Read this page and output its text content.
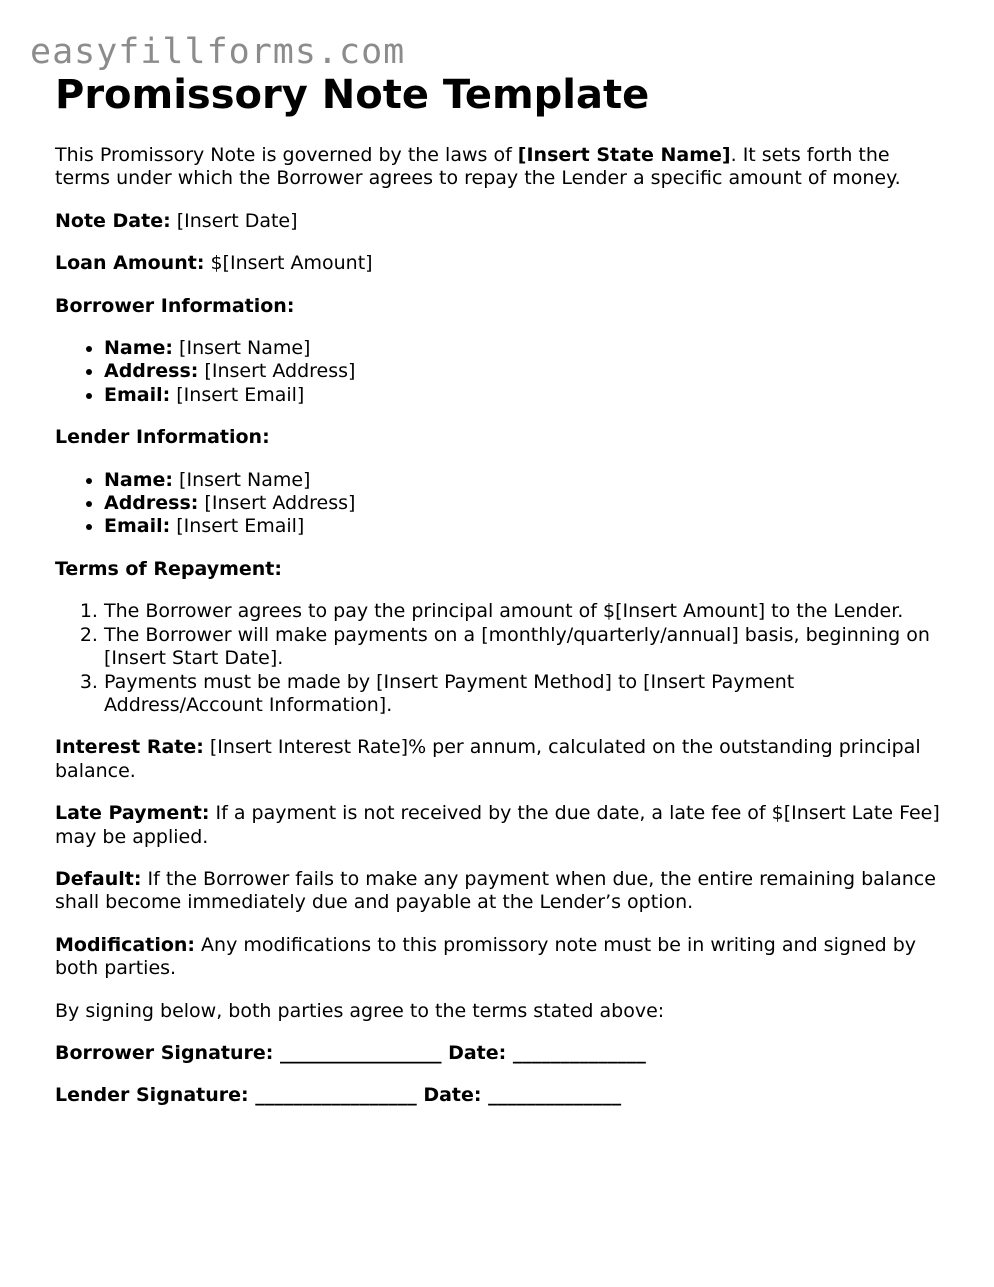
easyfillforms.com
Promissory Note Template

This Promissory Note is governed by the laws of [Insert State Name]. It sets forth the terms under which the Borrower agrees to repay the Lender a specific amount of money.

Note Date: [Insert Date]

Loan Amount: $[Insert Amount]

Borrower Information:

• Name: [Insert Name]
• Address: [Insert Address]
• Email: [Insert Email]

Lender Information:

• Name: [Insert Name]
• Address: [Insert Address]
• Email: [Insert Email]

Terms of Repayment:

1. The Borrower agrees to pay the principal amount of $[Insert Amount] to the Lender.
2. The Borrower will make payments on a [monthly/quarterly/annual] basis, beginning on [Insert Start Date].
3. Payments must be made by [Insert Payment Method] to [Insert Payment Address/Account Information].

Interest Rate: [Insert Interest Rate]% per annum, calculated on the outstanding principal balance.

Late Payment: If a payment is not received by the due date, a late fee of $[Insert Late Fee] may be applied.

Default: If the Borrower fails to make any payment when due, the entire remaining balance shall become immediately due and payable at the Lender’s option.

Modification: Any modifications to this promissory note must be in writing and signed by both parties.

By signing below, both parties agree to the terms stated above:

Borrower Signature: _________________ Date: ______________

Lender Signature: _________________ Date: ______________
